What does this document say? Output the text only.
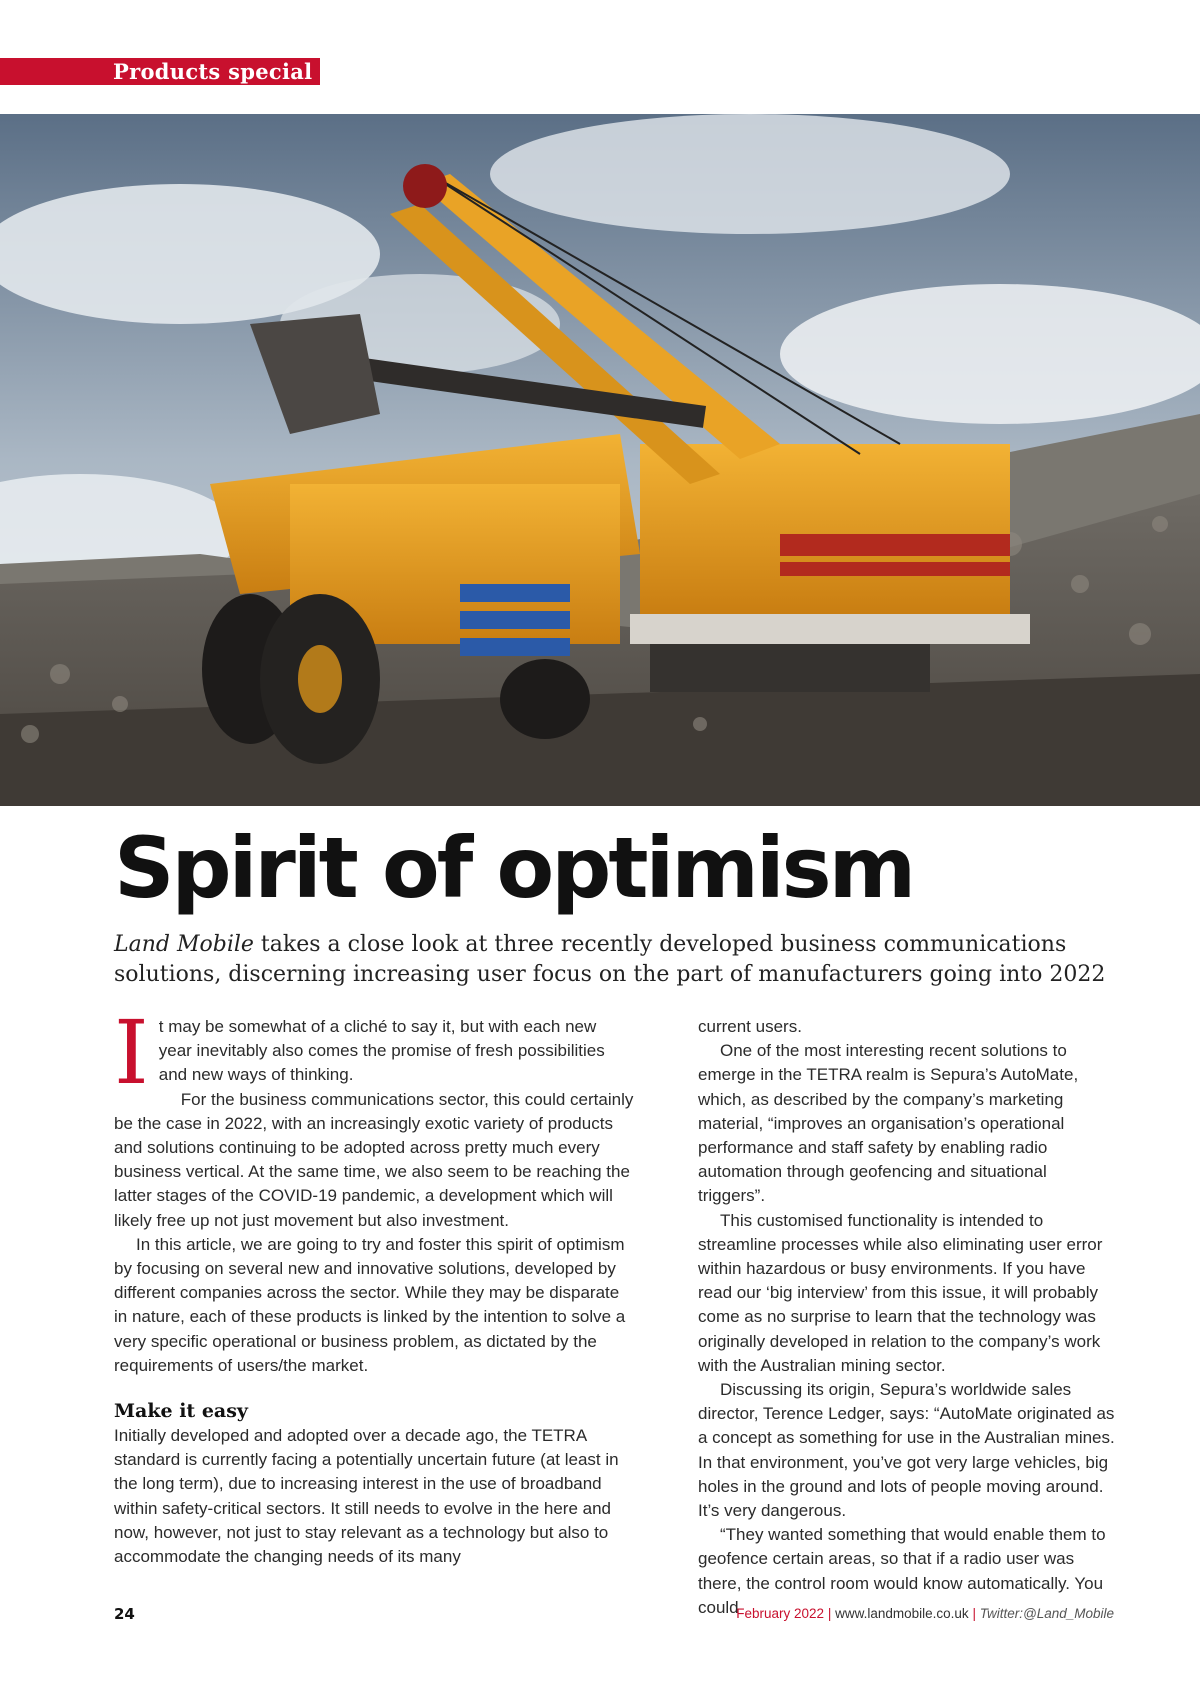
Products special
Spirit of optimism

Land Mobile takes a close look at three recently developed business communications solutions, discerning increasing user focus on the part of manufacturers going into 2022

It may be somewhat of a cliché to say it, but with each new year inevitably also comes the promise of fresh possibilities and new ways of thinking.

For the business communications sector, this could certainly be the case in 2022, with an increasingly exotic variety of products and solutions continuing to be adopted across pretty much every business vertical. At the same time, we also seem to be reaching the latter stages of the COVID-19 pandemic, a development which will likely free up not just movement but also investment.

In this article, we are going to try and foster this spirit of optimism by focusing on several new and innovative solutions, developed by different companies across the sector. While they may be disparate in nature, each of these products is linked by the intention to solve a very specific operational or business problem, as dictated by the requirements of users/the market.

Make it easy

Initially developed and adopted over a decade ago, the TETRA standard is currently facing a potentially uncertain future (at least in the long term), due to increasing interest in the use of broadband within safety-critical sectors. It still needs to evolve in the here and now, however, not just to stay relevant as a technology but also to accommodate the changing needs of its many

current users.

One of the most interesting recent solutions to emerge in the TETRA realm is Sepura’s AutoMate, which, as described by the company’s marketing material, “improves an organisation’s operational performance and staff safety by enabling radio automation through geofencing and situational triggers”.

This customised functionality is intended to streamline processes while also eliminating user error within hazardous or busy environments. If you have read our ‘big interview’ from this issue, it will probably come as no surprise to learn that the technology was originally developed in relation to the company’s work with the Australian mining sector.

Discussing its origin, Sepura’s worldwide sales director, Terence Ledger, says: “AutoMate originated as a concept as something for use in the Australian mines. In that environment, you’ve got very large vehicles, big holes in the ground and lots of people moving around. It’s very dangerous.

“They wanted something that would enable them to geofence certain areas, so that if a radio user was there, the control room would know automatically. You could

24	February 2022 | www.landmobile.co.uk | Twitter:@Land_Mobile
